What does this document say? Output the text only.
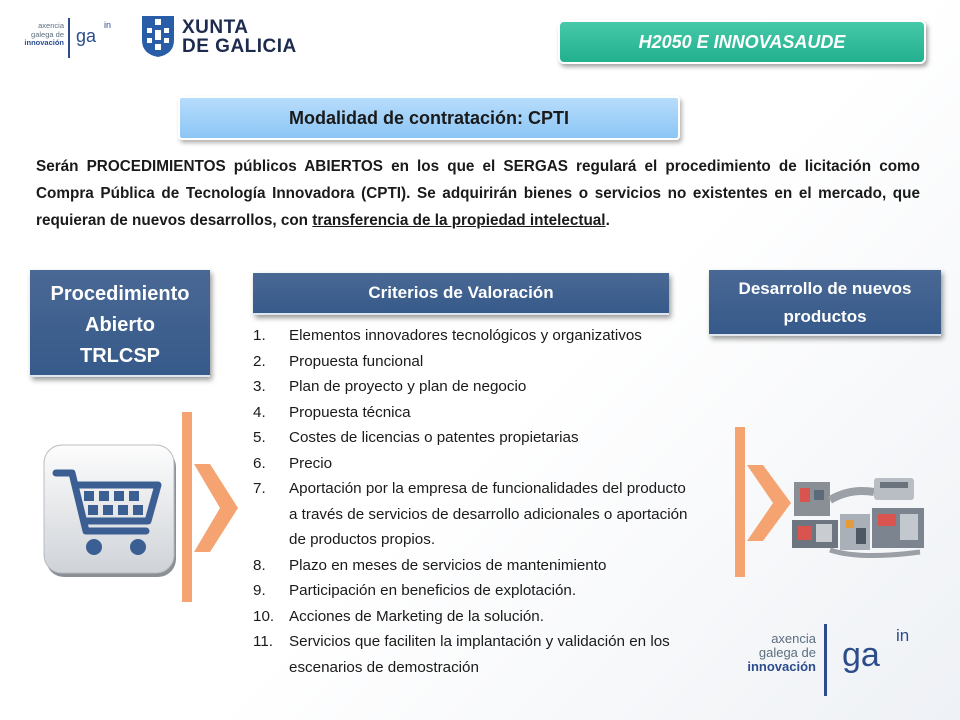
axencia
galega de
innovación ga
in	XUNTA
DE GALICIA	H2050 E INNOVASAUDE
Modalidad de contratación: CPTI

Serán PROCEDIMIENTOS públicos ABIERTOS en los que el SERGAS regulará el procedimiento de licitación como Compra Pública de Tecnología Innovadora (CPTI). Se adquirirán bienes o servicios no existentes en el mercado, que requieran de nuevos desarrollos, con transferencia de la propiedad intelectual.

Procedimiento
Abierto
TRLCSP
Criterios de Valoración	Desarrollo de nuevos
productos
1.	Elementos innovadores tecnológicos y organizativos
2.	Propuesta funcional
3.	Plan de proyecto y plan de negocio
4.	Propuesta técnica
5.	Costes de licencias o patentes propietarias
6.	Precio
7.	Aportación por la empresa de funcionalidades del producto a través de servicios de desarrollo adicionales o aportación de productos propios.
8.	Plazo en meses de servicios de mantenimiento
9.	Participación en beneficios de explotación.
10. Acciones de Marketing de la solución.
11.	Servicios que faciliten la implantación y validación en los escenarios de demostración
axencia
galega de
innovación ga
in
